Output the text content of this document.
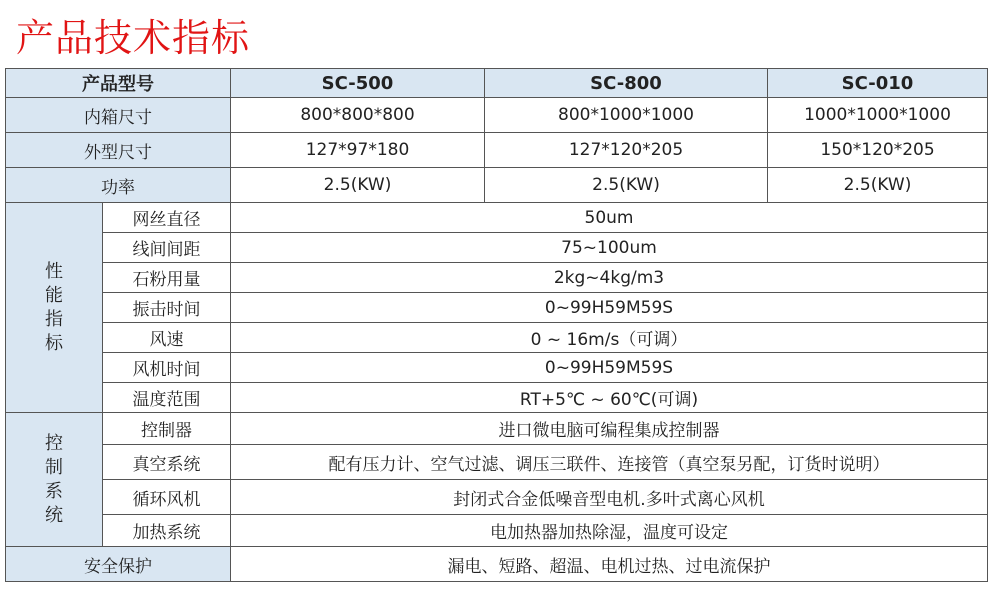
产品技术指标
产品型号		SC-500	SC-800	SC-010
内箱尺寸		800*800*800	800*1000*1000	1000*1000*1000
外型尺寸		127*97*180	127*120*205	150*120*205
功率		2.5(KW)	2.5(KW)	2.5(KW)
性能指标	网丝直径	50um		
	线间间距	75~100um		
	石粉用量	2kg~4kg/m3		
	振击时间	0~99H59M59S		
	风速	0 ~ 16m/s（可调）		
	风机时间	0~99H59M59S		
	温度范围	RT+5℃ ~ 60℃(可调)		
控制系统	控制器	进口微电脑可编程集成控制器		
	真空系统	配有压力计、空气过滤、调压三联件、连接管（真空泵另配，订货时说明）		
	循环风机	封闭式合金低噪音型电机.多叶式离心风机		
	加热系统	电加热器加热除湿，温度可设定		
安全保护		漏电、短路、超温、电机过热、过电流保护		
